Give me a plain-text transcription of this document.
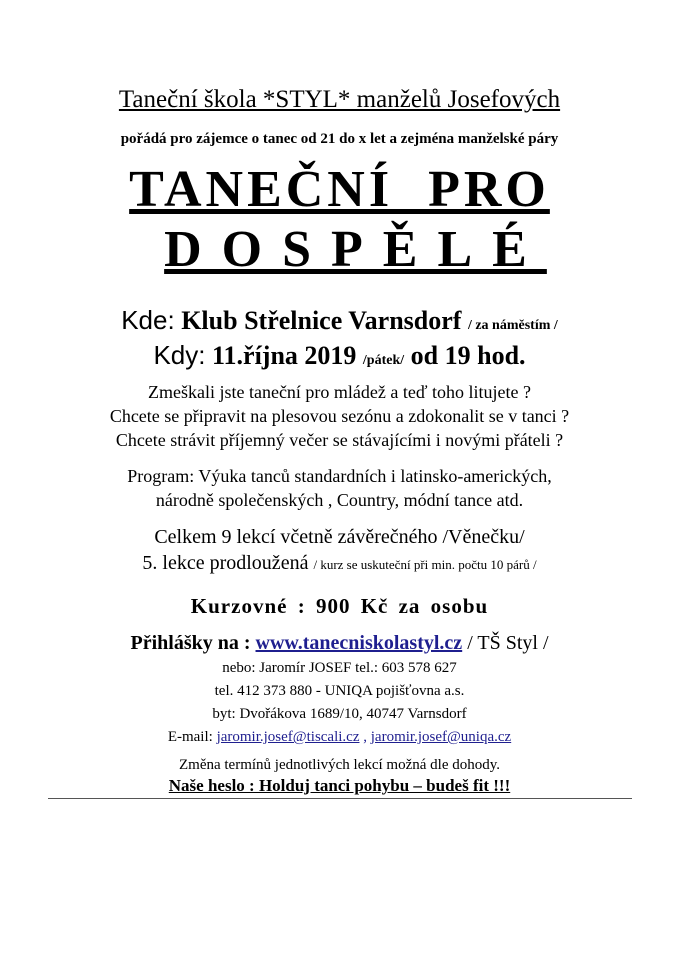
Taneční škola *STYL* manželů Josefových
pořádá pro zájemce o tanec od 21 do x let a zejména manželské páry
TANEČNÍ PRO
DOSPĚLÉ
Kde: Klub Střelnice Varnsdorf / za náměstím /
Kdy: 11.října 2019 /pátek/ od 19 hod.
Zmeškali jste taneční pro mládež a teď toho litujete ?
Chcete se připravit na plesovou sezónu a zdokonalit se v tanci ?
Chcete strávit příjemný večer se stávajícími i novými přáteli ?
Program: Výuka tanců standardních i latinsko-amerických,
národně společenských , Country, módní tance atd.
Celkem 9 lekcí včetně závěrečného /Věnečku/
5. lekce prodloužená / kurz se uskuteční při min. počtu 10 párů /
Kurzovné : 900 Kč za osobu
Přihlášky na : www.tanecniskolastyl.cz / TŠ Styl /
nebo: Jaromír JOSEF tel.: 603 578 627
tel. 412 373 880 - UNIQA pojišťovna a.s.
byt: Dvořákova 1689/10, 40747 Varnsdorf
E-mail: jaromir.josef@tiscali.cz , jaromir.josef@uniqa.cz
Změna termínů jednotlivých lekcí možná dle dohody.
Naše heslo : Holduj tanci pohybu – budeš fit !!!
